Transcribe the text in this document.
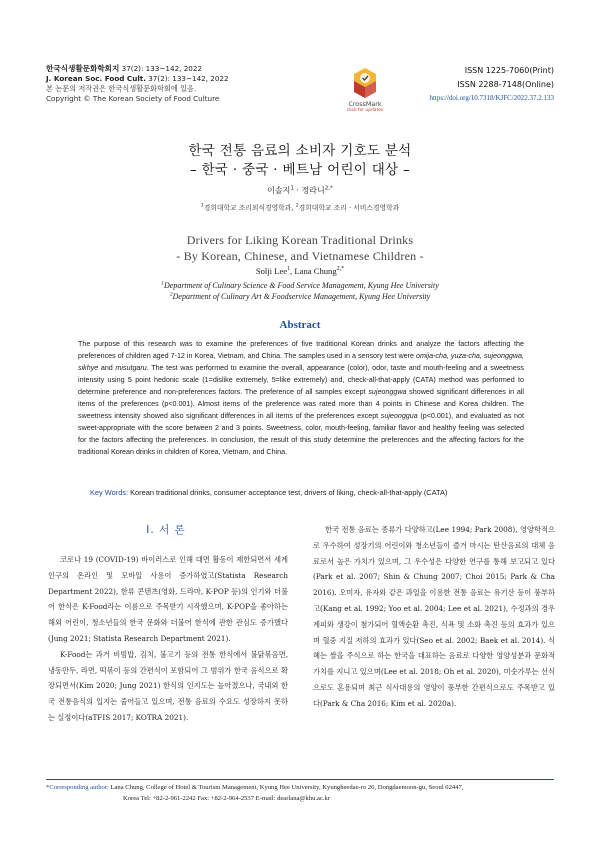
한국식생활문화학회지 37(2): 133~142, 2022
J. Korean Soc. Food Cult. 37(2): 133~142, 2022
본 논문의 저작권은 한국식생활문화학회에 있음.
Copyright © The Korean Society of Food Culture
CrossMark
click for updates
ISSN 1225-7060(Print)
ISSN 2288-7148(Online)
https://doi.org/10.7318/KJFC/2022.37.2.133
한국 전통 음료의 소비자 기호도 분석
– 한국 · 중국 · 베트남 어린이 대상 –
이솔지$^1$ · 정라니$^{2,*}$
$^1$경희대학교 조리외식경영학과, $^2$경희대학교 조리 · 서비스경영학과
Drivers for Liking Korean Traditional Drinks
- By Korean, Chinese, and Vietnamese Children -
Solji Lee$^1$, Lana Chung$^{2,*}$
$^1$Department of Culinary Science & Food Service Management, Kyung Hee University
$^2$Department of Culinary Art & Foodservice Management, Kyung Hee University
Abstract
The purpose of this research was to examine the preferences of five traditional Korean drinks and analyze the factors affecting the preferences of children aged 7-12 in Korea, Vietnam, and China. The samples used in a sensory test were omija-cha, yuza-cha, sujeonggwa, sikhye and misutgaru. The test was performed to examine the overall, appearance (color), odor, taste and mouth-feeling and a sweetness intensity using 5 point hedonic scale (1=dislike extremely, 5=like extremely) and, check-all-that-apply (CATA) method was performed to determine preference and non-preferences factors. The preference of all samples except sujeonggwa showed significant differences in all items of the preferences (p<0.001). Almost items of the preference was rated more than 4 points in Chinese and Korea children. The sweetness intensity showed also significant differences in all items of the preferences except sujeonggua (p<0.001), and evaluated as not sweet-appropriate with the score between 2 and 3 points. Sweetness, color, mouth-feeling, familiar flavor and healthy feeling was selected for the factors affecting the preferences. In conclusion, the result of this study determine the preferences and the affecting factors for the traditional Korean drinks in children of Korea, Vietnam, and China.
Key Words: Korean traditional drinks, consumer acceptance test, drivers of liking, check-all-that-apply (CATA)
Ⅰ. 서 론

코로나 19 (COVID-19) 바이러스로 인해 대면 활동이 제한되면서 세계 인구의 온라인 및 모바일 사용이 증가하였고(Statista Research Department 2022), 한류 콘텐츠(영화, 드라마, K-POP 등)의 인기와 더불어 한식은 K-Food라는 이름으로 주목받기 시작했으며, K-POP을 좋아하는 해외 어린이, 청소년들의 한국 문화와 더불어 한식에 관한 관심도 증가했다(Jung 2021; Statista Research Department 2021).

K-Food는 과거 비빔밥, 김치, 불고기 등의 전통 한식에서 불닭볶음면, 냉동만두, 라면, 떡볶이 등의 간편식이 포함되어 그 범위가 한국 음식으로 확장되면서(Kim 2020; Jung 2021) 한식의 인지도는 높아졌으나, 국내외 한국 전통음식의 입지는 줄어들고 있으며, 전통 음료의 수요도 성장하지 못하는 실정이다(aTFIS 2017; KOTRA 2021).

한국 전통 음료는 종류가 다양하고(Lee 1994; Park 2008), 영양학적으로 우수하여 성장기의 어린이와 청소년들이 즐겨 마시는 탄산음료의 대체 음료로서 높은 가치가 있으며, 그 우수성은 다양한 연구를 통해 보고되고 있다(Park et al. 2007; Shin & Chung 2007; Choi 2015; Park & Cha 2016). 오미자, 유자와 같은 과일을 이용한 전통 음료는 유기산 등이 풍부하고(Kang et al. 1992; Yoo et al. 2004; Lee et al. 2021), 수정과의 경우 계피와 생강이 첨가되어 혈액순환 촉진, 식욕 및 소화 촉진 등의 효과가 있으며 혈중 지질 저하의 효과가 있다(Seo et al. 2002; Baek et al. 2014). 식혜는 쌀을 주식으로 하는 한국을 대표하는 음료로 다양한 영양성분과 문화적 가치를 지니고 있으며(Lee et al. 2018; Oh et al. 2020), 미숫가루는 선식으로도 혼용되며 최근 식사대용의 영양이 풍부한 간편식으로도 주목받고 있다(Park & Cha 2016; Kim et al. 2020a).

*Corresponding author: Lana Chung, College of Hotel & Tourism Management, Kyung Hee University, Kyungheedae-ro 26, Dongdaemoon-gu, Seoul 02447,
Korea Tel: +82-2-961-2242 Fax: +82-2-964-2537 E-mail: dearlana@khu.ac.kr
